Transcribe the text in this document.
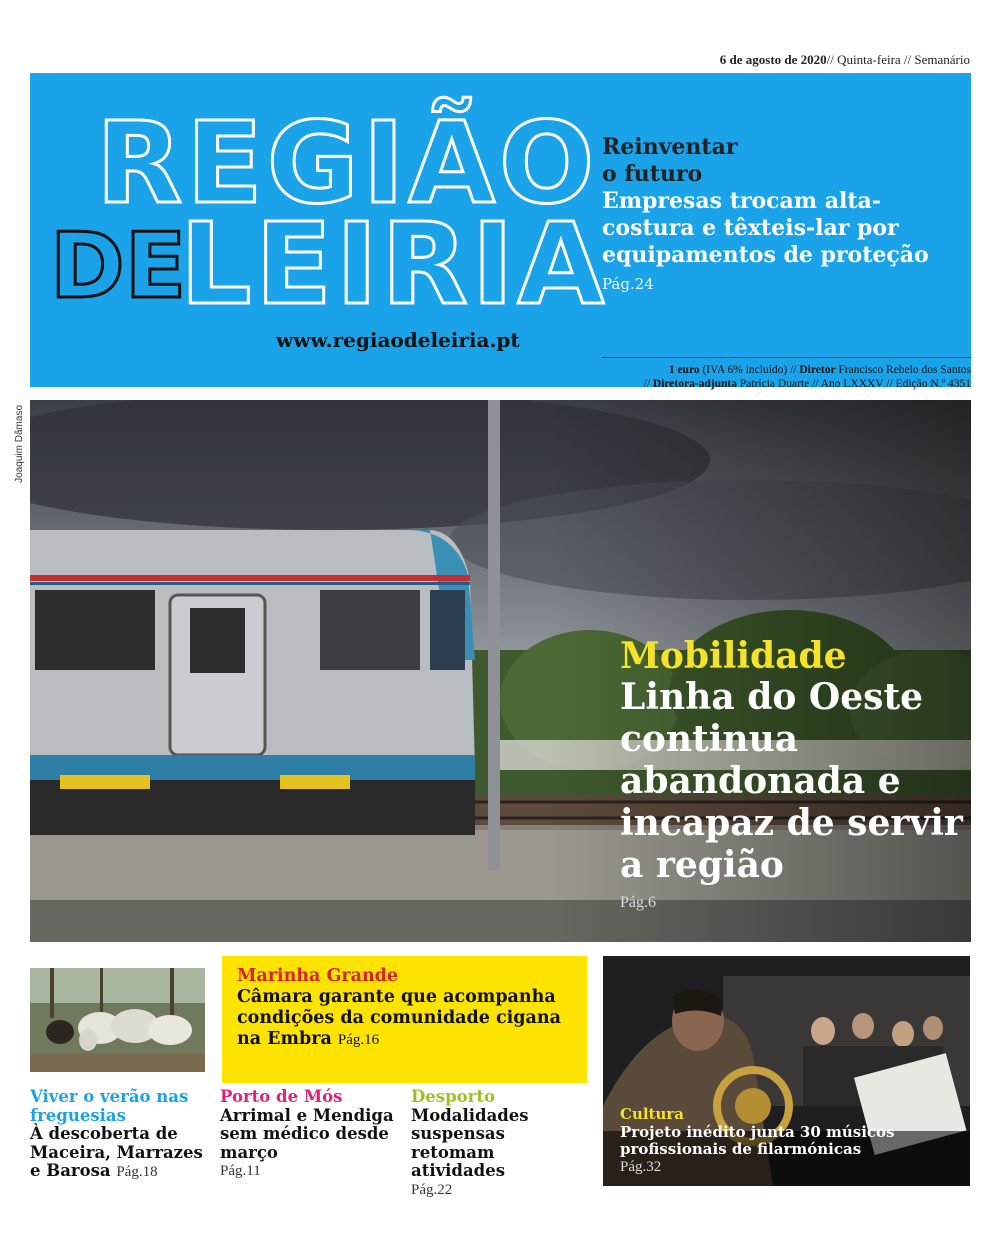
6 de agosto de 2020// Quinta-feira // Semanário
REGIÃO
DE
LEIRIA
www.regiaodeleiria.pt
Reinventar
o futuro
Empresas trocam alta-costura e têxteis-lar por equipamentos de proteção Pág.24
1 euro (IVA 6% incluído) // Diretor Francisco Rebelo dos Santos
// Diretora-adjunta Patrícia Duarte // Ano LXXXV // Edição N.º 4351
Joaquim Dâmaso
Mobilidade
Linha do Oeste continua abandonada e incapaz de servir a região
Pág.6
Marinha Grande
Câmara garante que acompanha condições da comunidade cigana na Embra Pág.16
Viver o verão nas freguesias
À descoberta de Maceira, Marrazes e Barosa Pág.18
Porto de Mós
Arrimal e Mendiga sem médico desde março
Pág.11
Desporto
Modalidades suspensas retomam atividades
Pág.22
Cultura
Projeto inédito junta 30 músicos profissionais de filarmónicas
Pág.32
